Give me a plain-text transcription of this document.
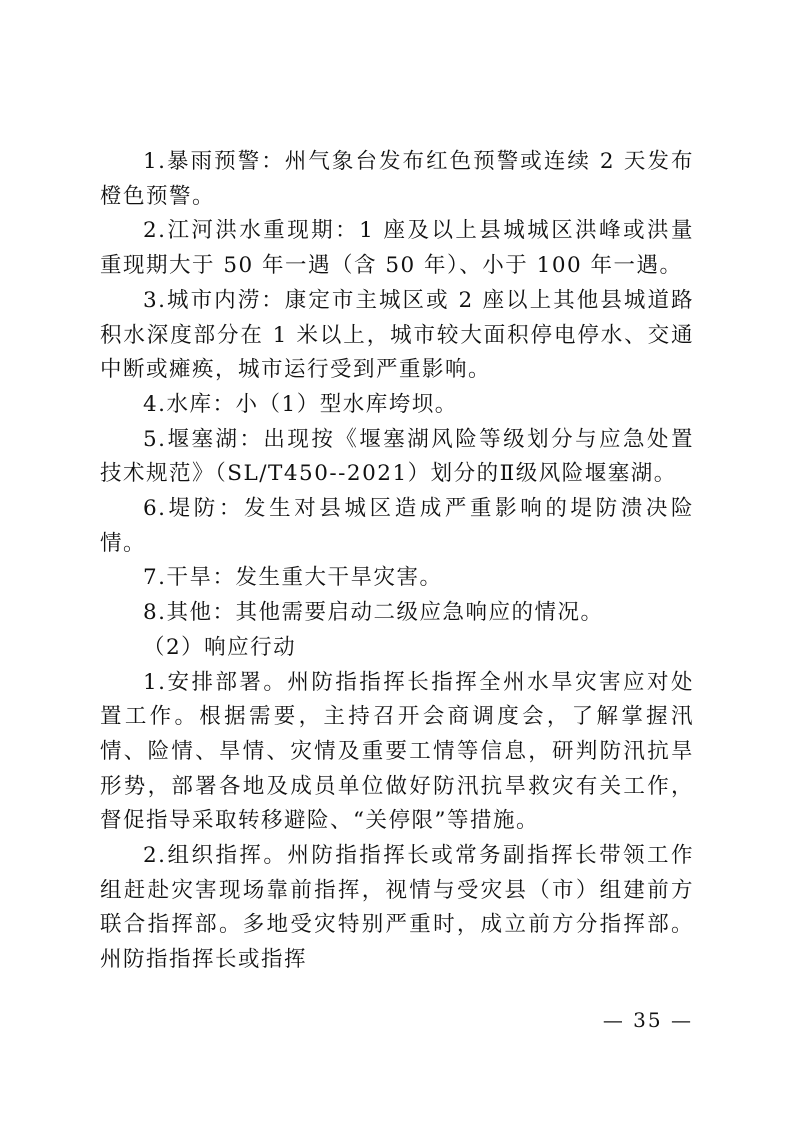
1.暴雨预警：州气象台发布红色预警或连续 2 天发布橙色预警。

2.江河洪水重现期：1 座及以上县城城区洪峰或洪量重现期大于 50 年一遇（含 50 年）、小于 100 年一遇。

3.城市内涝：康定市主城区或 2 座以上其他县城道路积水深度部分在 1 米以上，城市较大面积停电停水、交通中断或瘫痪，城市运行受到严重影响。

4.水库：小（1）型水库垮坝。

5.堰塞湖：出现按《堰塞湖风险等级划分与应急处置技术规范》（SL/T450--2021）划分的Ⅱ级风险堰塞湖。

6.堤防：发生对县城区造成严重影响的堤防溃决险情。

7.干旱：发生重大干旱灾害。

8.其他：其他需要启动二级应急响应的情况。

（2）响应行动

1.安排部署。州防指指挥长指挥全州水旱灾害应对处置工作。根据需要，主持召开会商调度会，了解掌握汛情、险情、旱情、灾情及重要工情等信息，研判防汛抗旱形势，部署各地及成员单位做好防汛抗旱救灾有关工作，督促指导采取转移避险、“关停限”等措施。

2.组织指挥。州防指指挥长或常务副指挥长带领工作组赶赴灾害现场靠前指挥，视情与受灾县（市）组建前方联合指挥部。多地受灾特别严重时，成立前方分指挥部。州防指指挥长或指挥

— 35 —
